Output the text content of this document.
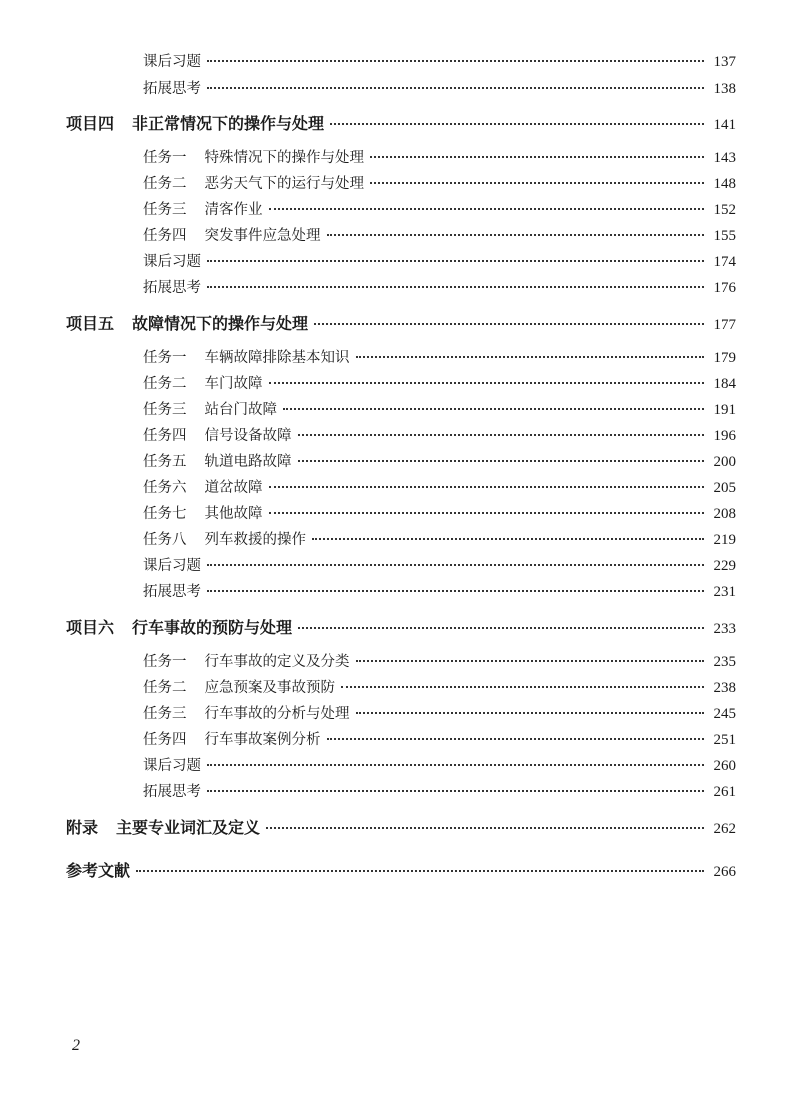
课后习题	137
拓展思考	138
项目四 非正常情况下的操作与处理	141
任务一 特殊情况下的操作与处理	143
任务二 恶劣天气下的运行与处理	148
任务三 清客作业	152
任务四 突发事件应急处理	155
课后习题	174
拓展思考	176
项目五 故障情况下的操作与处理	177
任务一 车辆故障排除基本知识	179
任务二 车门故障	184
任务三 站台门故障	191
任务四 信号设备故障	196
任务五 轨道电路故障	200
任务六 道岔故障	205
任务七 其他故障	208
任务八 列车救援的操作	219
课后习题	229
拓展思考	231
项目六 行车事故的预防与处理	233
任务一 行车事故的定义及分类	235
任务二 应急预案及事故预防	238
任务三 行车事故的分析与处理	245
任务四 行车事故案例分析	251
课后习题	260
拓展思考	261
附录 主要专业词汇及定义	262
参考文献	266
2
